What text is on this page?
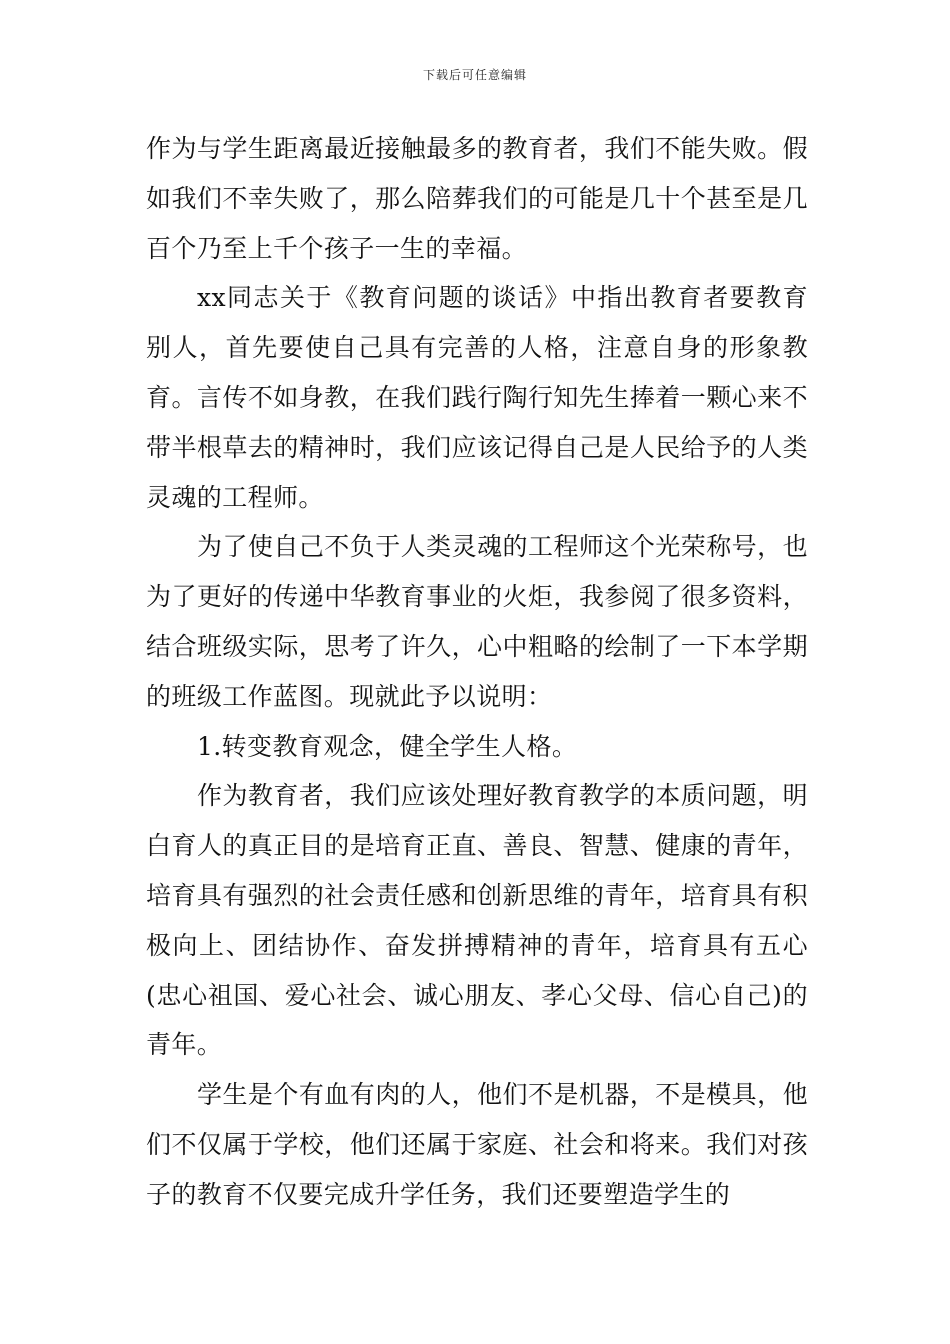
下载后可任意编辑

作为与学生距离最近接触最多的教育者，我们不能失败。假如我们不幸失败了，那么陪葬我们的可能是几十个甚至是几百个乃至上千个孩子一生的幸福。

xx同志关于《教育问题的谈话》中指出教育者要教育别人，首先要使自己具有完善的人格，注意自身的形象教育。言传不如身教，在我们践行陶行知先生捧着一颗心来不带半根草去的精神时，我们应该记得自己是人民给予的人类灵魂的工程师。

为了使自己不负于人类灵魂的工程师这个光荣称号，也为了更好的传递中华教育事业的火炬，我参阅了很多资料，结合班级实际，思考了许久，心中粗略的绘制了一下本学期的班级工作蓝图。现就此予以说明：

1.转变教育观念，健全学生人格。

作为教育者，我们应该处理好教育教学的本质问题，明白育人的真正目的是培育正直、善良、智慧、健康的青年，培育具有强烈的社会责任感和创新思维的青年，培育具有积极向上、团结协作、奋发拼搏精神的青年，培育具有五心(忠心祖国、爱心社会、诚心朋友、孝心父母、信心自己)的青年。

学生是个有血有肉的人，他们不是机器，不是模具，他们不仅属于学校，他们还属于家庭、社会和将来。我们对孩子的教育不仅要完成升学任务，我们还要塑造学生的
